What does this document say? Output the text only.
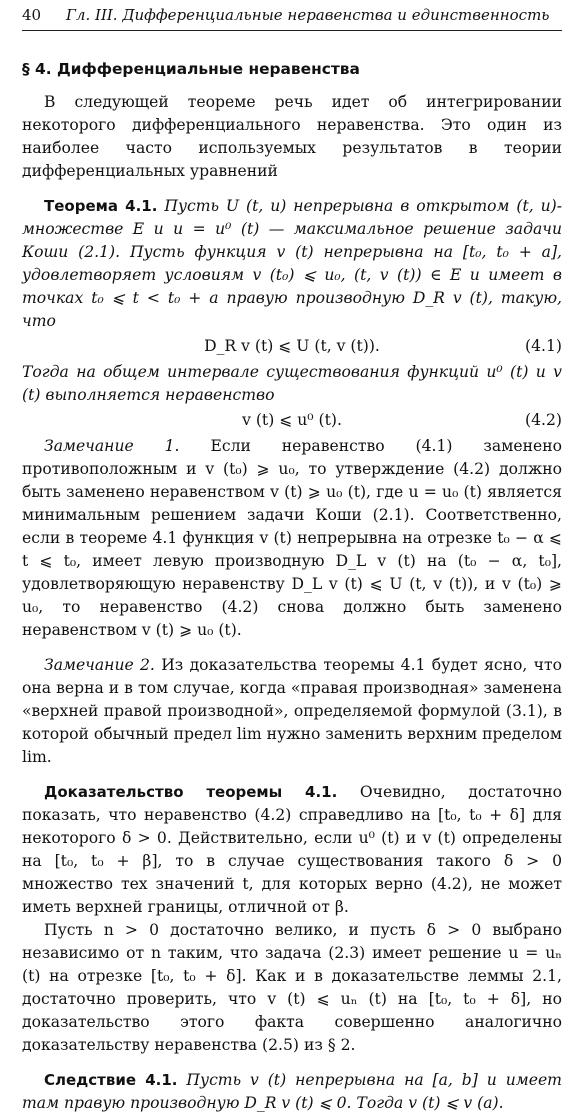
40	Гл. III. Дифференциальные неравенства и единственность
§ 4. Дифференциальные неравенства

В следующей теореме речь идет об интегрировании некоторого дифференциального неравенства. Это один из наиболее часто используемых результатов в теории дифференциальных уравнений

Теорема 4.1. Пусть U (t, u) непрерывна в открытом (t, u)-множестве E и u = u⁰ (t) — максимальное решение задачи Коши (2.1). Пусть функция v (t) непрерывна на [t₀, t₀ + a], удовлетворяет условиям v (t₀) ⩽ u₀, (t, v (t)) ∈ E и имеет в точках t₀ ⩽ t < t₀ + a правую производную D_R v (t), такую, что

D_R v (t) ⩽ U (t, v (t)).	(4.1)

Тогда на общем интервале существования функций u⁰ (t) и v (t) выполняется неравенство

v (t) ⩽ u⁰ (t).	(4.2)

Замечание 1. Если неравенство (4.1) заменено противоположным и v (t₀) ⩾ u₀, то утверждение (4.2) должно быть заменено неравенством v (t) ⩾ u₀ (t), где u = u₀ (t) является минимальным решением задачи Коши (2.1). Соответственно, если в теореме 4.1 функция v (t) непрерывна на отрезке t₀ − α ⩽ t ⩽ t₀, имеет левую производную D_L v (t) на (t₀ − α, t₀], удовлетворяющую неравенству D_L v (t) ⩽ U (t, v (t)), и v (t₀) ⩾ u₀, то неравенство (4.2) снова должно быть заменено неравенством v (t) ⩾ u₀ (t).

Замечание 2. Из доказательства теоремы 4.1 будет ясно, что она верна и в том случае, когда «правая производная» заменена «верхней правой производной», определяемой формулой (3.1), в которой обычный предел lim нужно заменить верхним пределом lim.

Доказательство теоремы 4.1. Очевидно, достаточно показать, что неравенство (4.2) справедливо на [t₀, t₀ + δ] для некоторого δ > 0. Действительно, если u⁰ (t) и v (t) определены на [t₀, t₀ + β], то в случае существования такого δ > 0 множество тех значений t, для которых верно (4.2), не может иметь верхней границы, отличной от β.

Пусть n > 0 достаточно велико, и пусть δ > 0 выбрано независимо от n таким, что задача (2.3) имеет решение u = uₙ (t) на отрезке [t₀, t₀ + δ]. Как и в доказательстве леммы 2.1, достаточно проверить, что v (t) ⩽ uₙ (t) на [t₀, t₀ + δ], но доказательство этого факта совершенно аналогично доказательству неравенства (2.5) из § 2.

Следствие 4.1. Пусть v (t) непрерывна на [a, b] и имеет там правую производную D_R v (t) ⩽ 0. Тогда v (t) ⩽ v (a).
